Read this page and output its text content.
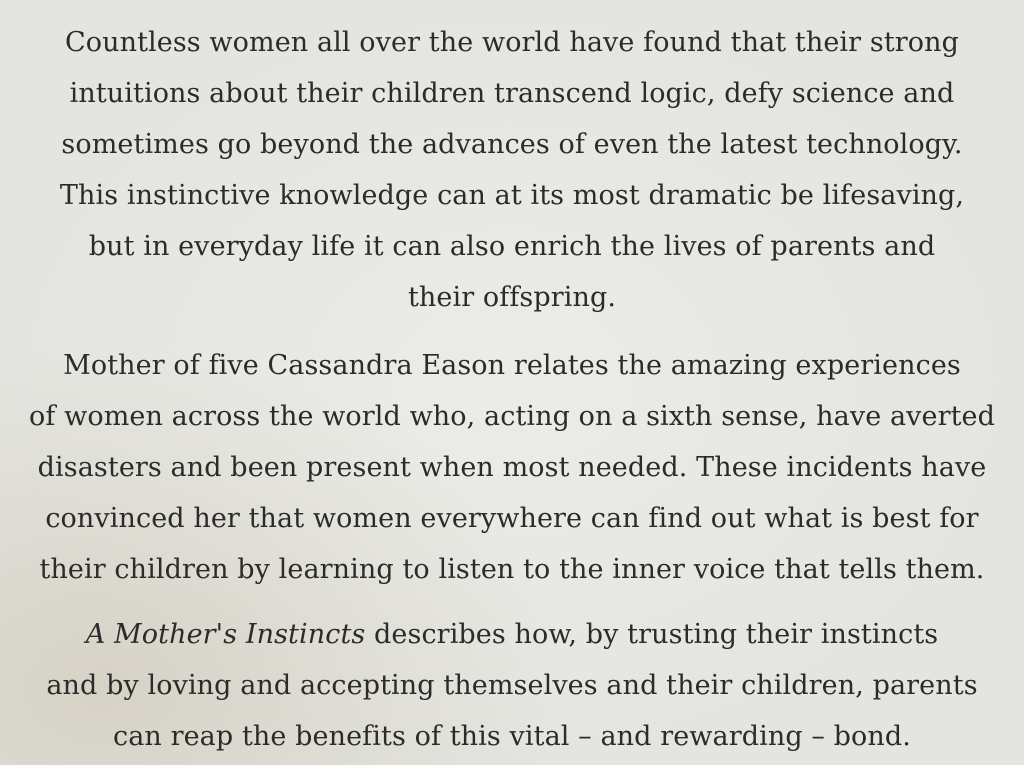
Countless women all over the world have found that their strong
intuitions about their children transcend logic, defy science and
sometimes go beyond the advances of even the latest technology.
This instinctive knowledge can at its most dramatic be lifesaving,
but in everyday life it can also enrich the lives of parents and
their offspring.

Mother of five Cassandra Eason relates the amazing experiences
of women across the world who, acting on a sixth sense, have averted
disasters and been present when most needed. These incidents have
convinced her that women everywhere can find out what is best for
their children by learning to listen to the inner voice that tells them.

A Mother's Instincts describes how, by trusting their instincts
and by loving and accepting themselves and their children, parents
can reap the benefits of this vital – and rewarding – bond.
